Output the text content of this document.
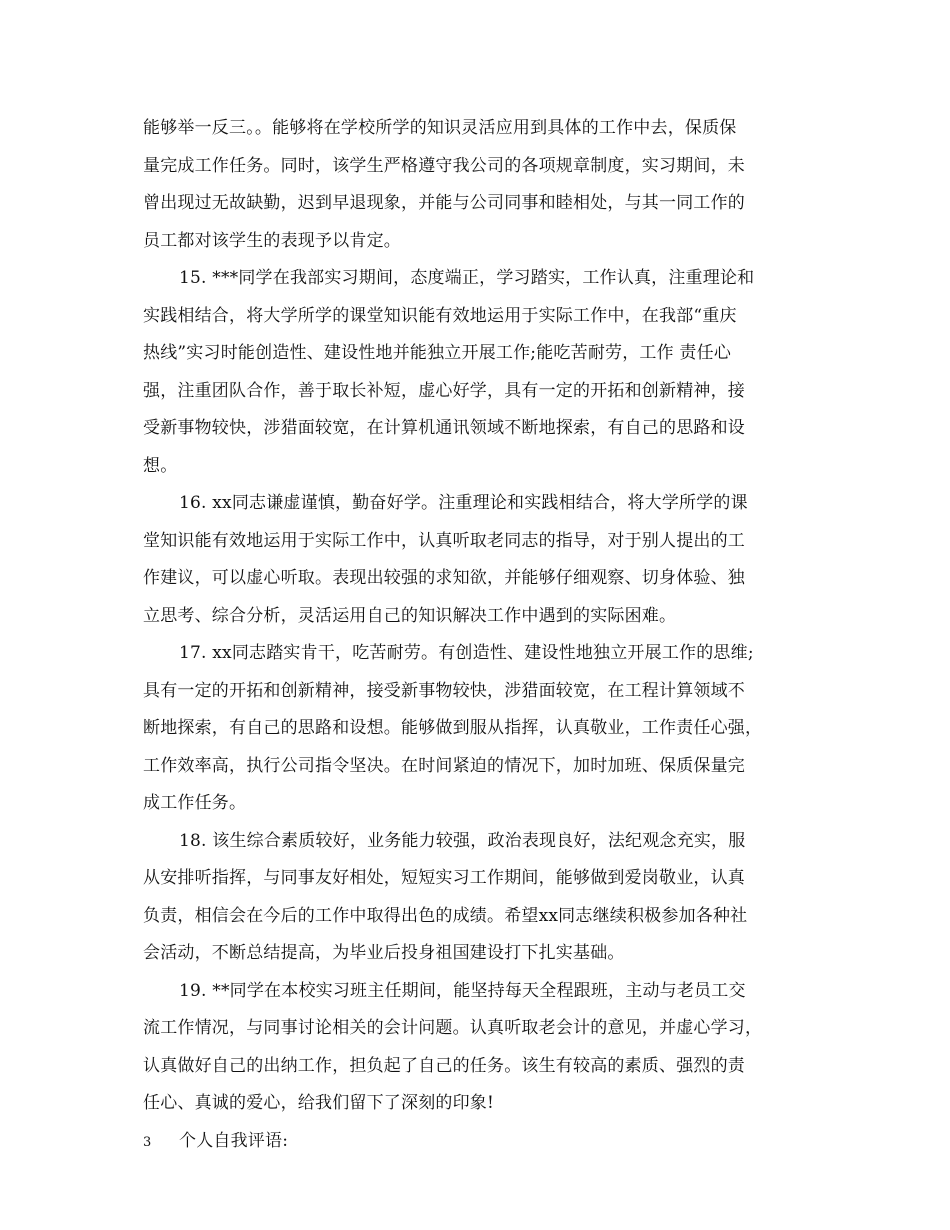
能够举一反三。。能够将在学校所学的知识灵活应用到具体的工作中去，保质保
量完成工作任务。同时，该学生严格遵守我公司的各项规章制度，实习期间，未
曾出现过无故缺勤，迟到早退现象，并能与公司同事和睦相处，与其一同工作的
员工都对该学生的表现予以肯定。
15. ***同学在我部实习期间，态度端正，学习踏实，工作认真，注重理论和
实践相结合，将大学所学的课堂知识能有效地运用于实际工作中，在我部“重庆
热线”实习时能创造性、建设性地并能独立开展工作;能吃苦耐劳，工作 责任心
强，注重团队合作，善于取长补短，虚心好学，具有一定的开拓和创新精神，接
受新事物较快，涉猎面较宽，在计算机通讯领域不断地探索，有自己的思路和设
想。
16. xx同志谦虚谨慎，勤奋好学。注重理论和实践相结合，将大学所学的课
堂知识能有效地运用于实际工作中，认真听取老同志的指导，对于别人提出的工
作建议，可以虚心听取。表现出较强的求知欲，并能够仔细观察、切身体验、独
立思考、综合分析，灵活运用自己的知识解决工作中遇到的实际困难。
17. xx同志踏实肯干，吃苦耐劳。有创造性、建设性地独立开展工作的思维;
具有一定的开拓和创新精神，接受新事物较快，涉猎面较宽，在工程计算领域不
断地探索，有自己的思路和设想。能够做到服从指挥，认真敬业，工作责任心强，
工作效率高，执行公司指令坚决。在时间紧迫的情况下，加时加班、保质保量完
成工作任务。
18. 该生综合素质较好，业务能力较强，政治表现良好，法纪观念充实，服
从安排听指挥，与同事友好相处，短短实习工作期间，能够做到爱岗敬业，认真
负责，相信会在今后的工作中取得出色的成绩。希望xx同志继续积极参加各种社
会活动，不断总结提高，为毕业后投身祖国建设打下扎实基础。
19. **同学在本校实习班主任期间，能坚持每天全程跟班，主动与老员工交
流工作情况，与同事讨论相关的会计问题。认真听取老会计的意见，并虚心学习，
认真做好自己的出纳工作，担负起了自己的任务。该生有较高的素质、强烈的责
任心、真诚的爱心，给我们留下了深刻的印象!
个人自我评语:
3
